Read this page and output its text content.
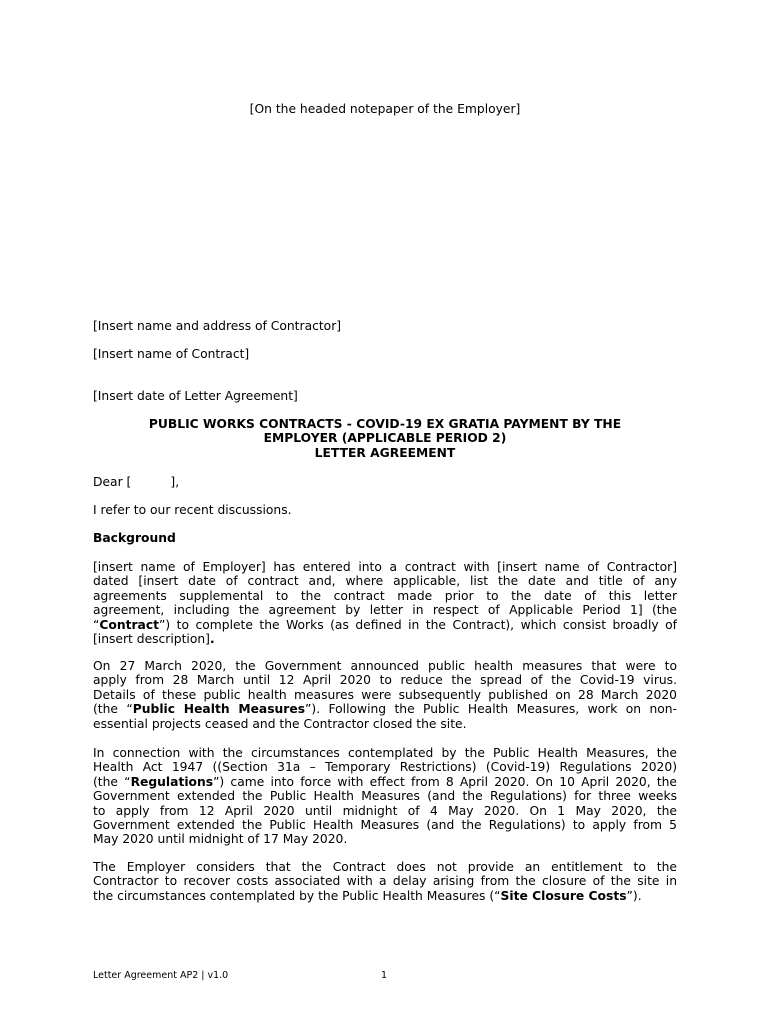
[On the headed notepaper of the Employer]
[Insert name and address of Contractor]
[Insert name of Contract]
[Insert date of Letter Agreement]
PUBLIC WORKS CONTRACTS - COVID-19 EX GRATIA PAYMENT BY THE
EMPLOYER (APPLICABLE PERIOD 2)
LETTER AGREEMENT
Dear [          ],
I refer to our recent discussions.
Background
[insert name of Employer] has entered into a contract with [insert name of Contractor]
dated [insert date of contract and, where applicable, list the date and title of any
agreements supplemental to the contract made prior to the date of this letter
agreement, including the agreement by letter in respect of Applicable Period 1] (the
“Contract”) to complete the Works (as defined in the Contract), which consist broadly of
[insert description].
On 27 March 2020, the Government announced public health measures that were to
apply from 28 March until 12 April 2020 to reduce the spread of the Covid-19 virus.
Details of these public health measures were subsequently published on 28 March 2020
(the “Public Health Measures”). Following the Public Health Measures, work on non-
essential projects ceased and the Contractor closed the site.
In connection with the circumstances contemplated by the Public Health Measures, the
Health Act 1947 ((Section 31a – Temporary Restrictions) (Covid-19) Regulations 2020)
(the “Regulations”) came into force with effect from 8 April 2020. On 10 April 2020, the
Government extended the Public Health Measures (and the Regulations) for three weeks
to apply from 12 April 2020 until midnight of 4 May 2020. On 1 May 2020, the
Government extended the Public Health Measures (and the Regulations) to apply from 5
May 2020 until midnight of 17 May 2020.
The Employer considers that the Contract does not provide an entitlement to the
Contractor to recover costs associated with a delay arising from the closure of the site in
the circumstances contemplated by the Public Health Measures (“Site Closure Costs”).
Letter Agreement AP2 | v1.0	1
